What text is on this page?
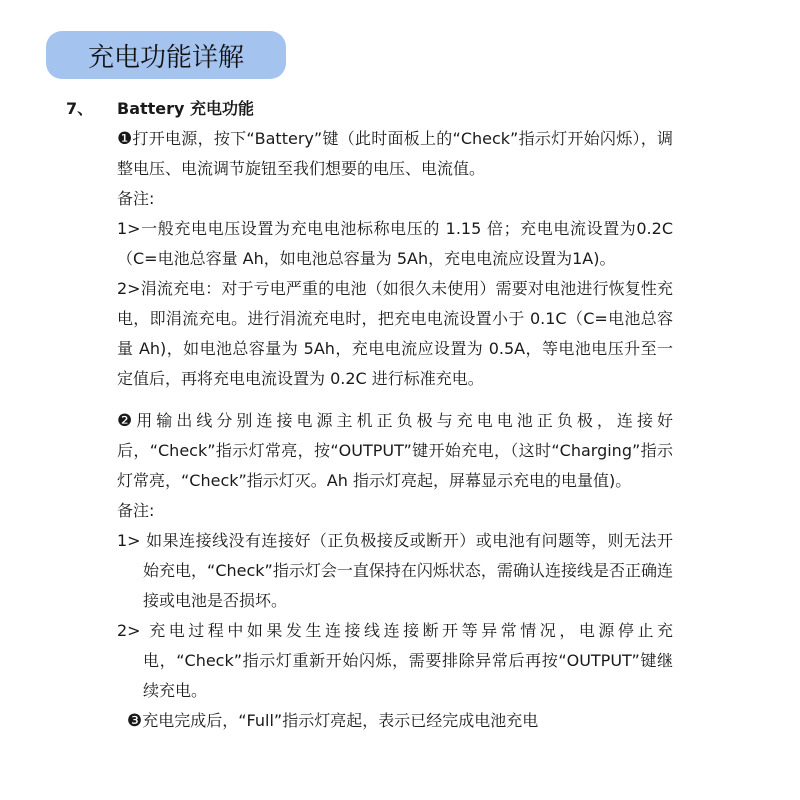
充电功能详解
7、 Battery 充电功能

❶打开电源，按下“Battery”键（此时面板上的“Check”指示灯开始闪烁），调整电压、电流调节旋钮至我们想要的电压、电流值。

备注:

1>一般充电电压设置为充电电池标称电压的 1.15 倍；充电电流设置为0.2C（C=电池总容量 Ah，如电池总容量为 5Ah，充电电流应设置为1A)。

2>涓流充电：对于亏电严重的电池（如很久未使用）需要对电池进行恢复性充电，即涓流充电。进行涓流充电时，把充电电流设置小于 0.1C（C=电池总容量 Ah)，如电池总容量为 5Ah，充电电流应设置为 0.5A，等电池电压升至一定值后，再将充电电流设置为 0.2C 进行标准充电。

❷用输出线分别连接电源主机正负极与充电电池正负极，连接好后，“Check”指示灯常亮，按“OUTPUT”键开始充电，（这时“Charging”指示灯常亮，“Check”指示灯灭。Ah 指示灯亮起，屏幕显示充电的电量值)。

备注:

1> 如果连接线没有连接好（正负极接反或断开）或电池有问题等，则无法开始充电，“Check”指示灯会一直保持在闪烁状态，需确认连接线是否正确连接或电池是否损坏。

2> 充电过程中如果发生连接线连接断开等异常情况，电源停止充电，“Check”指示灯重新开始闪烁，需要排除异常后再按“OUTPUT”键继续充电。

❸充电完成后，“Full”指示灯亮起，表示已经完成电池充电
